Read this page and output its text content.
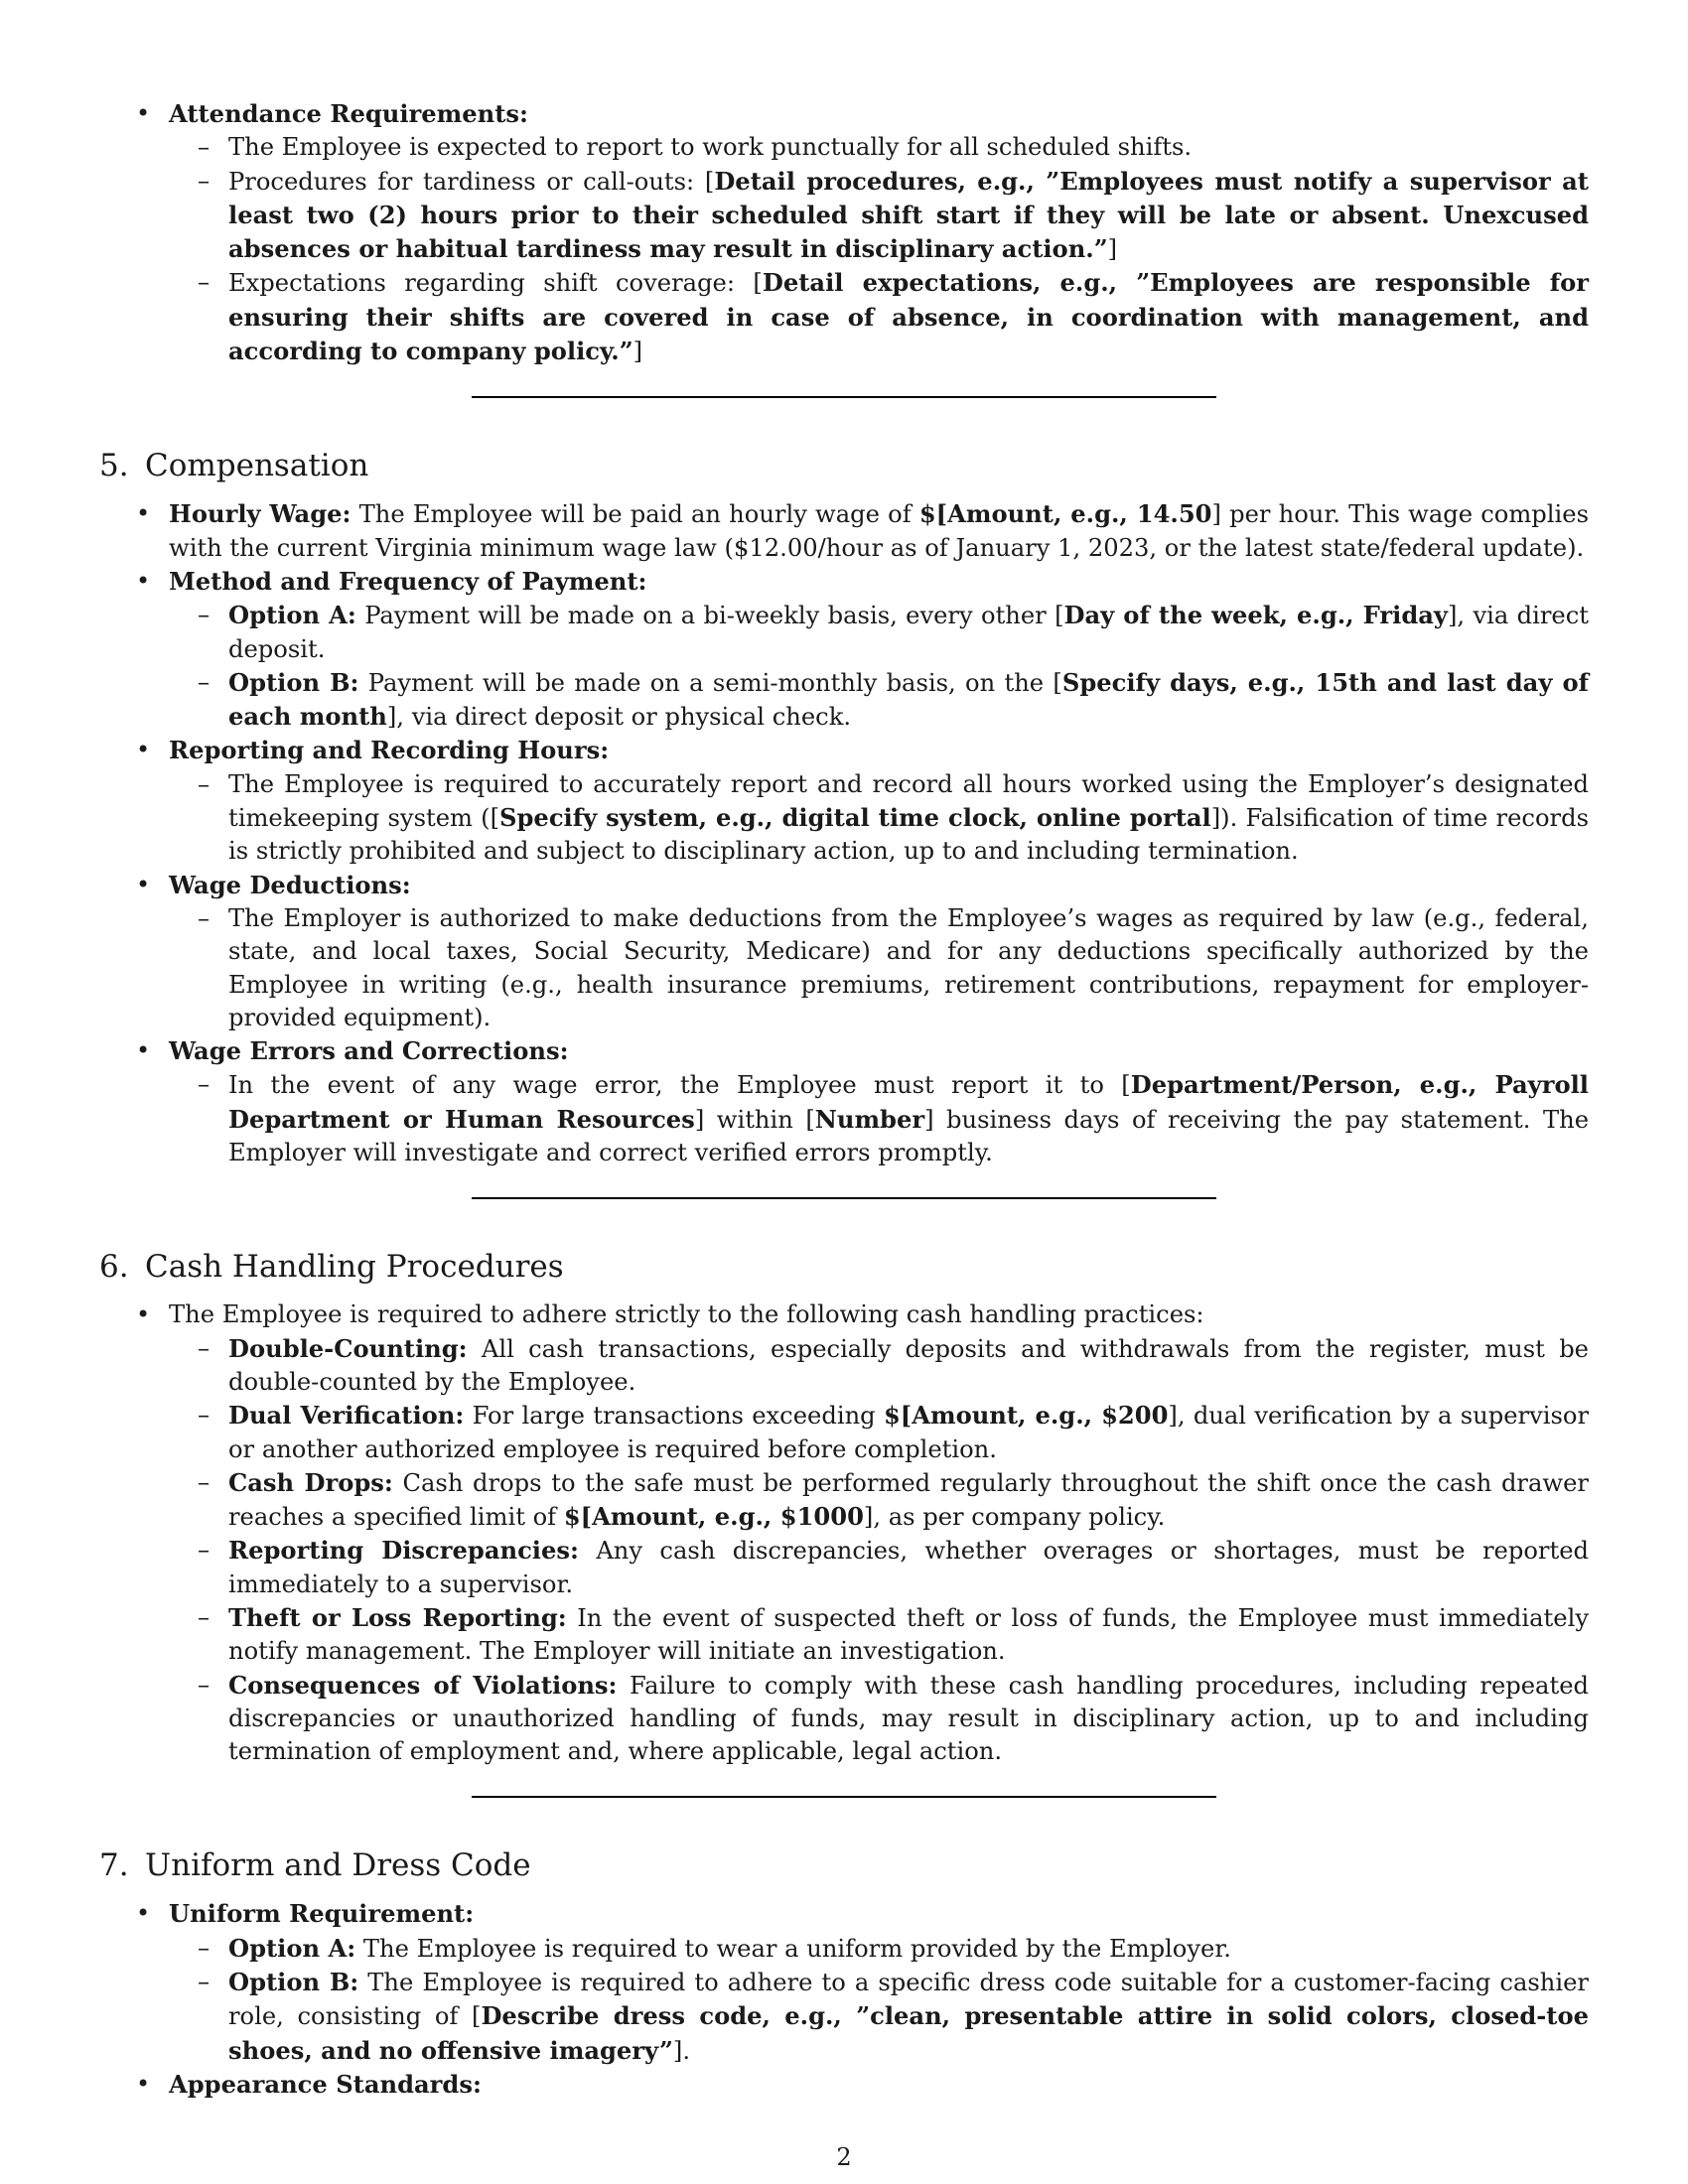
• Attendance Requirements:
– The Employee is expected to report to work punctually for all scheduled shifts.
– Procedures for tardiness or call-outs: [Detail procedures, e.g., ”Employees must notify a supervisor at least two (2) hours prior to their scheduled shift start if they will be late or absent. Unexcused absences or habitual tardiness may result in disciplinary action.”]
– Expectations regarding shift coverage: [Detail expectations, e.g., ”Employees are responsible for ensuring their shifts are covered in case of absence, in coordination with management, and according to company policy.”]
5. Compensation
• Hourly Wage: The Employee will be paid an hourly wage of $[Amount, e.g., 14.50] per hour. This wage complies with the current Virginia minimum wage law ($12.00/hour as of January 1, 2023, or the latest state/federal update).
• Method and Frequency of Payment:
– Option A: Payment will be made on a bi-weekly basis, every other [Day of the week, e.g., Friday], via direct deposit.
– Option B: Payment will be made on a semi-monthly basis, on the [Specify days, e.g., 15th and last day of each month], via direct deposit or physical check.
• Reporting and Recording Hours:
– The Employee is required to accurately report and record all hours worked using the Employer’s designated timekeeping system ([Specify system, e.g., digital time clock, online portal]). Falsification of time records is strictly prohibited and subject to disciplinary action, up to and including termination.
• Wage Deductions:
– The Employer is authorized to make deductions from the Employee’s wages as required by law (e.g., federal, state, and local taxes, Social Security, Medicare) and for any deductions specifically authorized by the Employee in writing (e.g., health insurance premiums, retirement contributions, repayment for employer-provided equipment).
• Wage Errors and Corrections:
– In the event of any wage error, the Employee must report it to [Department/Person, e.g., Payroll Department or Human Resources] within [Number] business days of receiving the pay statement. The Employer will investigate and correct verified errors promptly.
6. Cash Handling Procedures
• The Employee is required to adhere strictly to the following cash handling practices:
– Double-Counting: All cash transactions, especially deposits and withdrawals from the register, must be double-counted by the Employee.
– Dual Verification: For large transactions exceeding $[Amount, e.g., $200], dual verification by a supervisor or another authorized employee is required before completion.
– Cash Drops: Cash drops to the safe must be performed regularly throughout the shift once the cash drawer reaches a specified limit of $[Amount, e.g., $1000], as per company policy.
– Reporting Discrepancies: Any cash discrepancies, whether overages or shortages, must be reported immediately to a supervisor.
– Theft or Loss Reporting: In the event of suspected theft or loss of funds, the Employee must immediately notify management. The Employer will initiate an investigation.
– Consequences of Violations: Failure to comply with these cash handling procedures, including repeated discrepancies or unauthorized handling of funds, may result in disciplinary action, up to and including termination of employment and, where applicable, legal action.
7. Uniform and Dress Code
• Uniform Requirement:
– Option A: The Employee is required to wear a uniform provided by the Employer.
– Option B: The Employee is required to adhere to a specific dress code suitable for a customer-facing cashier role, consisting of [Describe dress code, e.g., ”clean, presentable attire in solid colors, closed-toe shoes, and no offensive imagery”].
• Appearance Standards:
2
